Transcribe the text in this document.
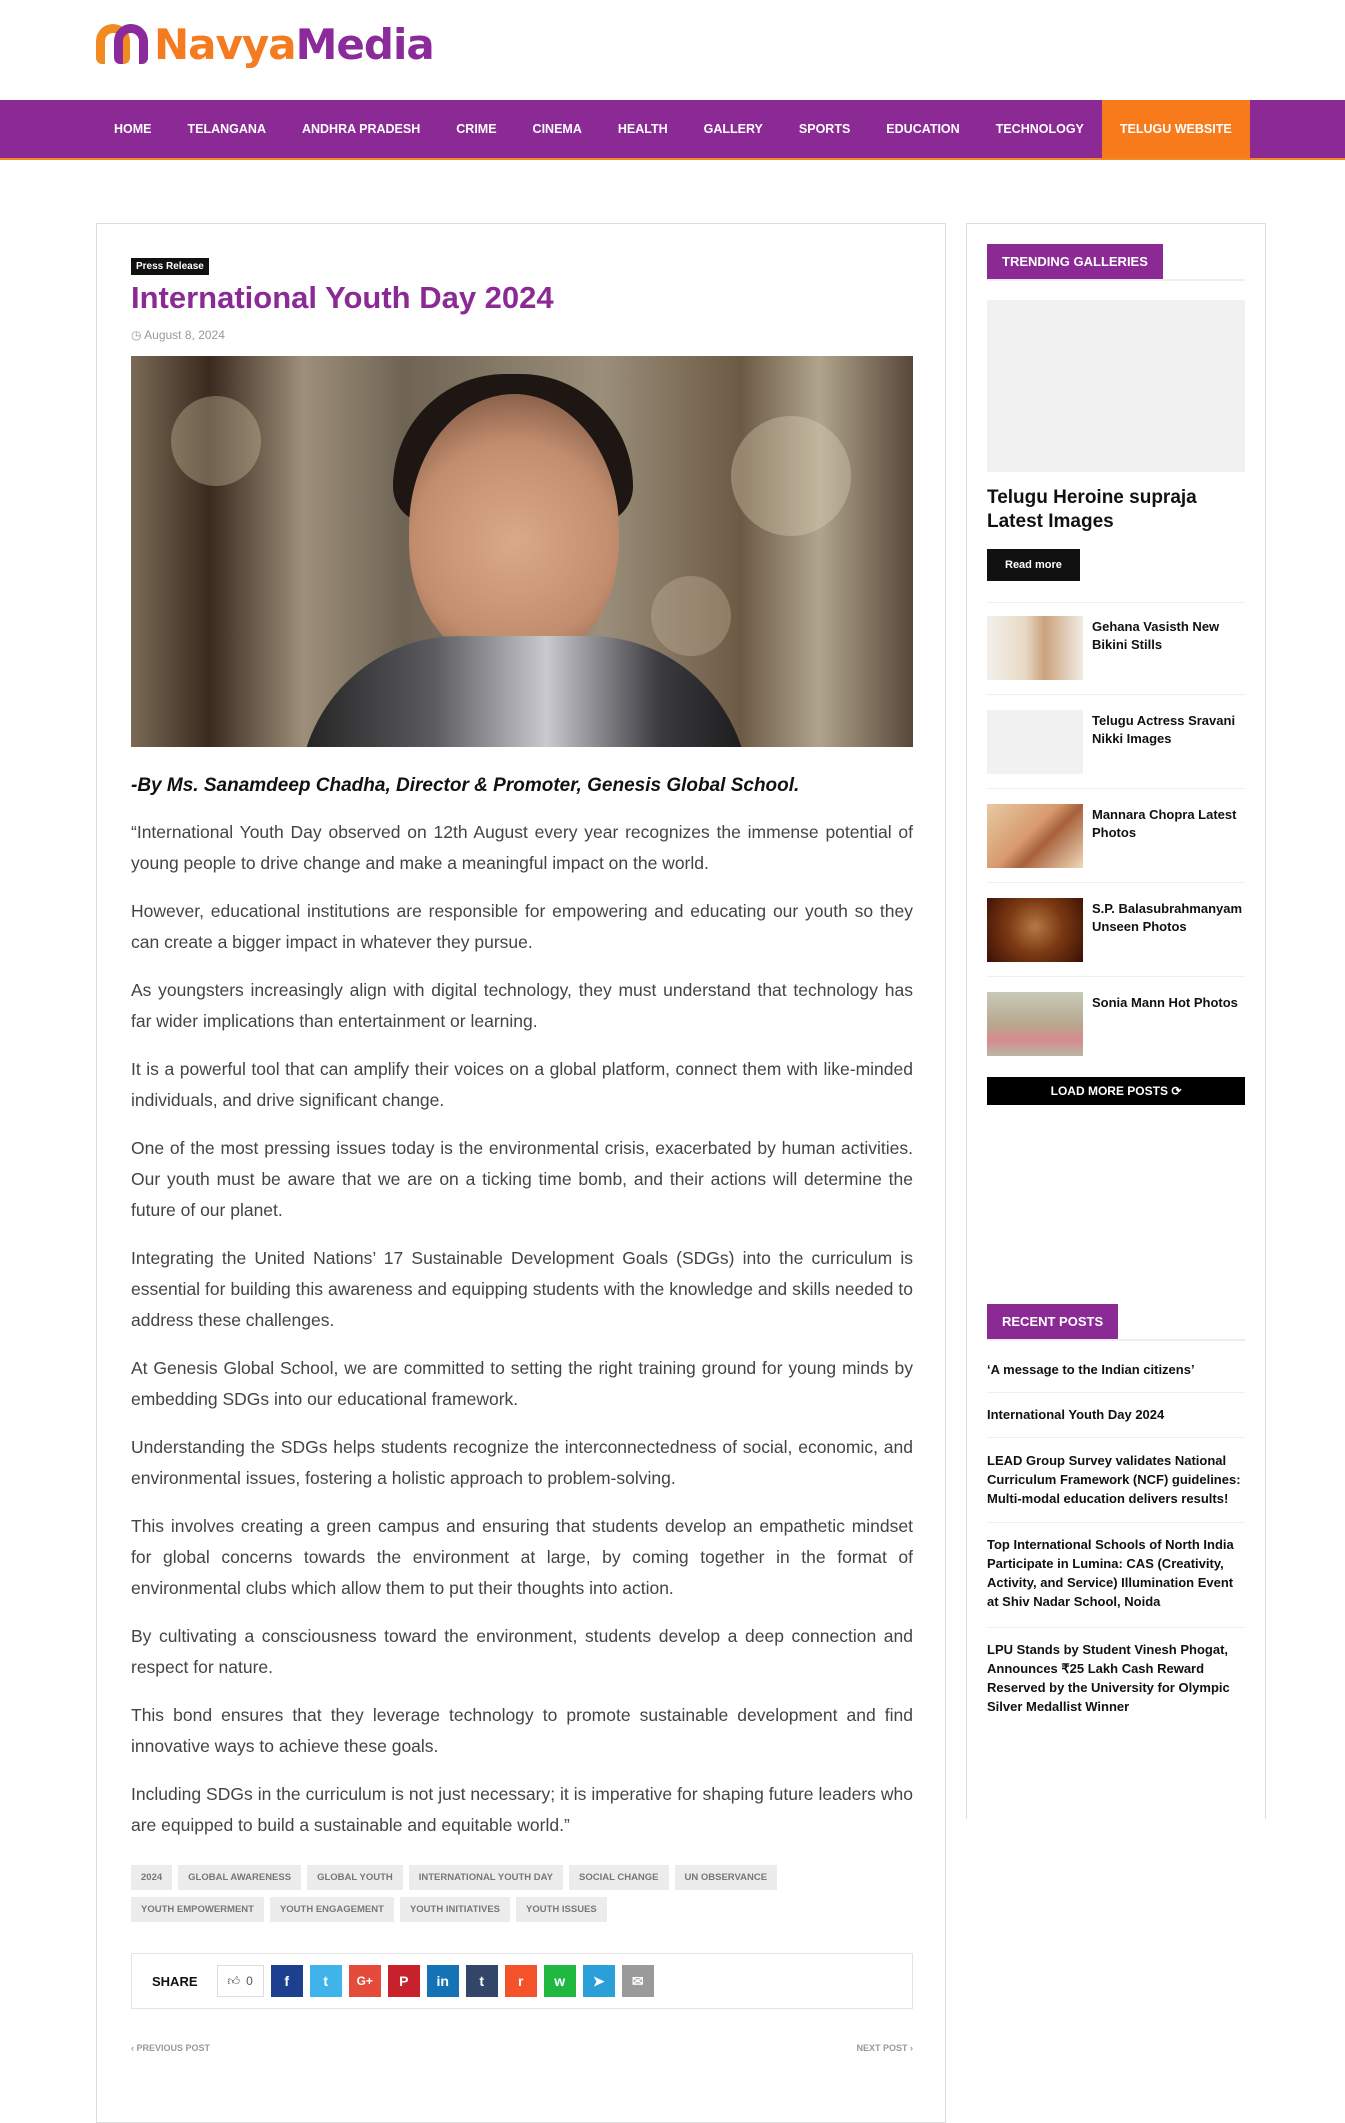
NavyaMedia
HOME	TELANGANA	ANDHRA PRADESH	CRIME	CINEMA	HEALTH	GALLERY	SPORTS	EDUCATION	TECHNOLOGY	TELUGU WEBSITE
Press Release
International Youth Day 2024
◷ August 8, 2024
-By Ms. Sanamdeep Chadha, Director & Promoter, Genesis Global School.

“International Youth Day observed on 12th August every year recognizes the immense potential of young people to drive change and make a meaningful impact on the world.

However, educational institutions are responsible for empowering and educating our youth so they can create a bigger impact in whatever they pursue.

As youngsters increasingly align with digital technology, they must understand that technology has far wider implications than entertainment or learning.

It is a powerful tool that can amplify their voices on a global platform, connect them with like-minded individuals, and drive significant change.

One of the most pressing issues today is the environmental crisis, exacerbated by human activities. Our youth must be aware that we are on a ticking time bomb, and their actions will determine the future of our planet.

Integrating the United Nations’ 17 Sustainable Development Goals (SDGs) into the curriculum is essential for building this awareness and equipping students with the knowledge and skills needed to address these challenges.

At Genesis Global School, we are committed to setting the right training ground for young minds by embedding SDGs into our educational framework.

Understanding the SDGs helps students recognize the interconnectedness of social, economic, and environmental issues, fostering a holistic approach to problem-solving.

This involves creating a green campus and ensuring that students develop an empathetic mindset for global concerns towards the environment at large, by coming together in the format of environmental clubs which allow them to put their thoughts into action.

By cultivating a consciousness toward the environment, students develop a deep connection and respect for nature.

This bond ensures that they leverage technology to promote sustainable development and find innovative ways to achieve these goals.

Including SDGs in the curriculum is not just necessary; it is imperative for shaping future leaders who are equipped to build a sustainable and equitable world.”

2024	GLOBAL AWARENESS	GLOBAL YOUTH	INTERNATIONAL YOUTH DAY	SOCIAL CHANGE	UN OBSERVANCE
YOUTH EMPOWERMENT	YOUTH ENGAGEMENT	YOUTH INITIATIVES	YOUTH ISSUES
SHARE	👍︎ 0	f	t	G+	P	in	t	r	w	➤	✉
‹ PREVIOUS POST	NEXT POST ›
TRENDING GALLERIES
Telugu Heroine supraja Latest Images
Read more
Gehana Vasisth New Bikini Stills
Telugu Actress Sravani Nikki Images
Mannara Chopra Latest Photos
S.P. Balasubrahmanyam Unseen Photos
Sonia Mann Hot Photos
LOAD MORE POSTS ⟳
RECENT POSTS
‘A message to the Indian citizens’
International Youth Day 2024
LEAD Group Survey validates National Curriculum Framework (NCF) guidelines: Multi-modal education delivers results!
Top International Schools of North India Participate in Lumina: CAS (Creativity, Activity, and Service) Illumination Event at Shiv Nadar School, Noida
LPU Stands by Student Vinesh Phogat, Announces ₹25 Lakh Cash Reward Reserved by the University for Olympic Silver Medallist Winner
